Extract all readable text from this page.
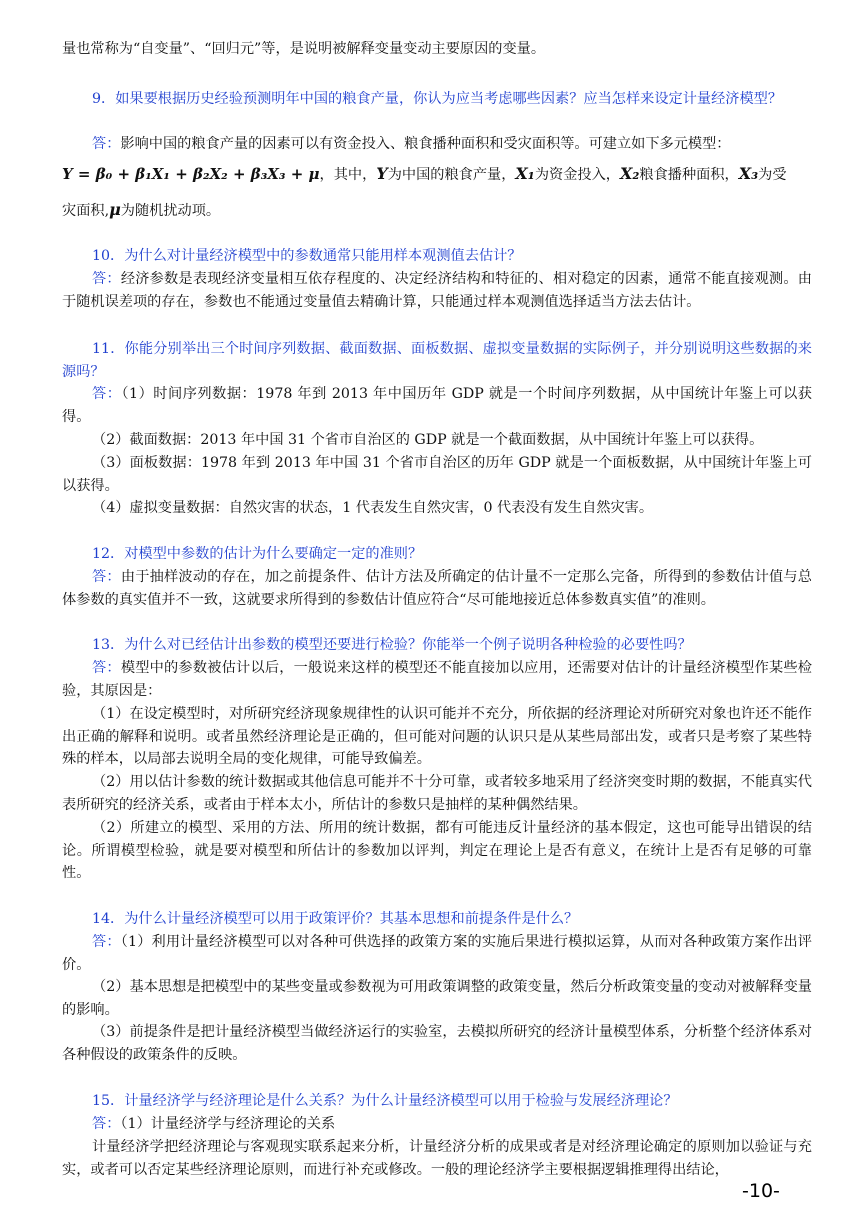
量也常称为“自变量”、“回归元”等，是说明被解释变量变动主要原因的变量。
9．如果要根据历史经验预测明年中国的粮食产量，你认为应当考虑哪些因素？应当怎样来设定计量经济模型？
答：影响中国的粮食产量的因素可以有资金投入、粮食播种面积和受灾面积等。可建立如下多元模型：
Y = β₀ + β₁X₁ + β₂X₂ + β₃X₃ + μ，其中，Y为中国的粮食产量，X₁为资金投入，X₂粮食播种面积，X₃为受
灾面积,μ为随机扰动项。
10．为什么对计量经济模型中的参数通常只能用样本观测值去估计？
答：经济参数是表现经济变量相互依存程度的、决定经济结构和特征的、相对稳定的因素，通常不能直接观测。由于随机误差项的存在，参数也不能通过变量值去精确计算，只能通过样本观测值选择适当方法去估计。
11．你能分别举出三个时间序列数据、截面数据、面板数据、虚拟变量数据的实际例子，并分别说明这些数据的来源吗？
答：（1）时间序列数据：1978 年到 2013 年中国历年 GDP 就是一个时间序列数据，从中国统计年鉴上可以获得。
（2）截面数据：2013 年中国 31 个省市自治区的 GDP 就是一个截面数据，从中国统计年鉴上可以获得。
（3）面板数据：1978 年到 2013 年中国 31 个省市自治区的历年 GDP 就是一个面板数据，从中国统计年鉴上可以获得。
（4）虚拟变量数据：自然灾害的状态，1 代表发生自然灾害，0 代表没有发生自然灾害。
12．对模型中参数的估计为什么要确定一定的准则？
答：由于抽样波动的存在，加之前提条件、估计方法及所确定的估计量不一定那么完备，所得到的参数估计值与总体参数的真实值并不一致，这就要求所得到的参数估计值应符合“尽可能地接近总体参数真实值”的准则。
13．为什么对已经估计出参数的模型还要进行检验？你能举一个例子说明各种检验的必要性吗？
答：模型中的参数被估计以后，一般说来这样的模型还不能直接加以应用，还需要对估计的计量经济模型作某些检验，其原因是：
（1）在设定模型时，对所研究经济现象规律性的认识可能并不充分，所依据的经济理论对所研究对象也许还不能作出正确的解释和说明。或者虽然经济理论是正确的，但可能对问题的认识只是从某些局部出发，或者只是考察了某些特殊的样本，以局部去说明全局的变化规律，可能导致偏差。
（2）用以估计参数的统计数据或其他信息可能并不十分可靠，或者较多地采用了经济突变时期的数据，不能真实代表所研究的经济关系，或者由于样本太小，所估计的参数只是抽样的某种偶然结果。
（2）所建立的模型、采用的方法、所用的统计数据，都有可能违反计量经济的基本假定，这也可能导出错误的结论。所谓模型检验，就是要对模型和所估计的参数加以评判，判定在理论上是否有意义，在统计上是否有足够的可靠性。
14．为什么计量经济模型可以用于政策评价？其基本思想和前提条件是什么？
答：（1）利用计量经济模型可以对各种可供选择的政策方案的实施后果进行模拟运算，从而对各种政策方案作出评价。
（2）基本思想是把模型中的某些变量或参数视为可用政策调整的政策变量，然后分析政策变量的变动对被解释变量的影响。
（3）前提条件是把计量经济模型当做经济运行的实验室，去模拟所研究的经济计量模型体系，分析整个经济体系对各种假设的政策条件的反映。
15．计量经济学与经济理论是什么关系？为什么计量经济模型可以用于检验与发展经济理论？
答：（1）计量经济学与经济理论的关系
计量经济学把经济理论与客观现实联系起来分析，计量经济分析的成果或者是对经济理论确定的原则加以验证与充实，或者可以否定某些经济理论原则，而进行补充或修改。一般的理论经济学主要根据逻辑推理得出结论，
-10-
